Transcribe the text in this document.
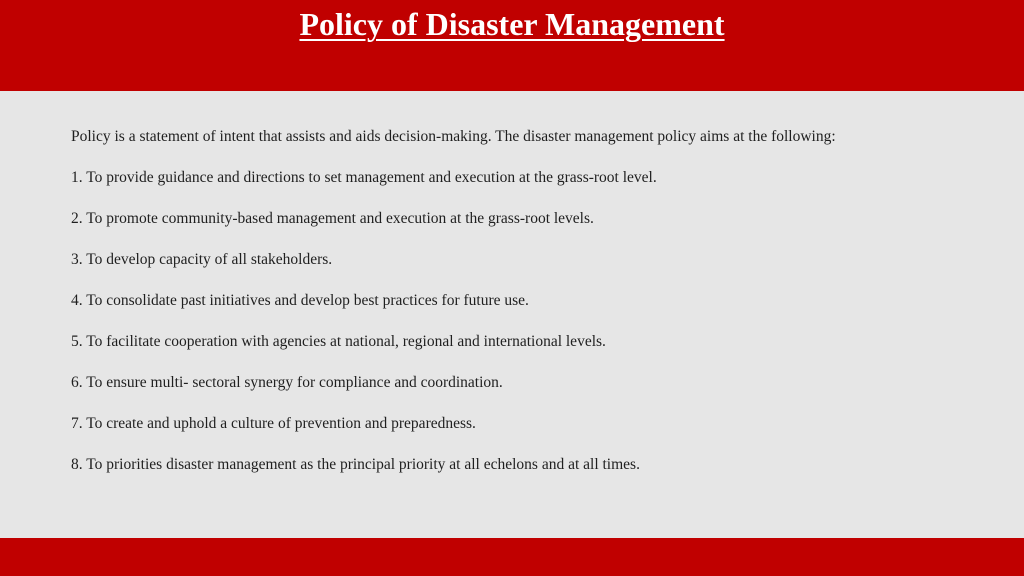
Policy of Disaster Management

Policy is a statement of intent that assists and aids decision-making. The disaster management policy aims at the following:

1. To provide guidance and directions to set management and execution at the grass-root level.

2. To promote community-based management and execution at the grass-root levels.

3. To develop capacity of all stakeholders.

4. To consolidate past initiatives and develop best practices for future use.

5. To facilitate cooperation with agencies at national, regional and international levels.

6. To ensure multi- sectoral synergy for compliance and coordination.

7. To create and uphold a culture of prevention and preparedness.

8. To priorities disaster management as the principal priority at all echelons and at all times.
